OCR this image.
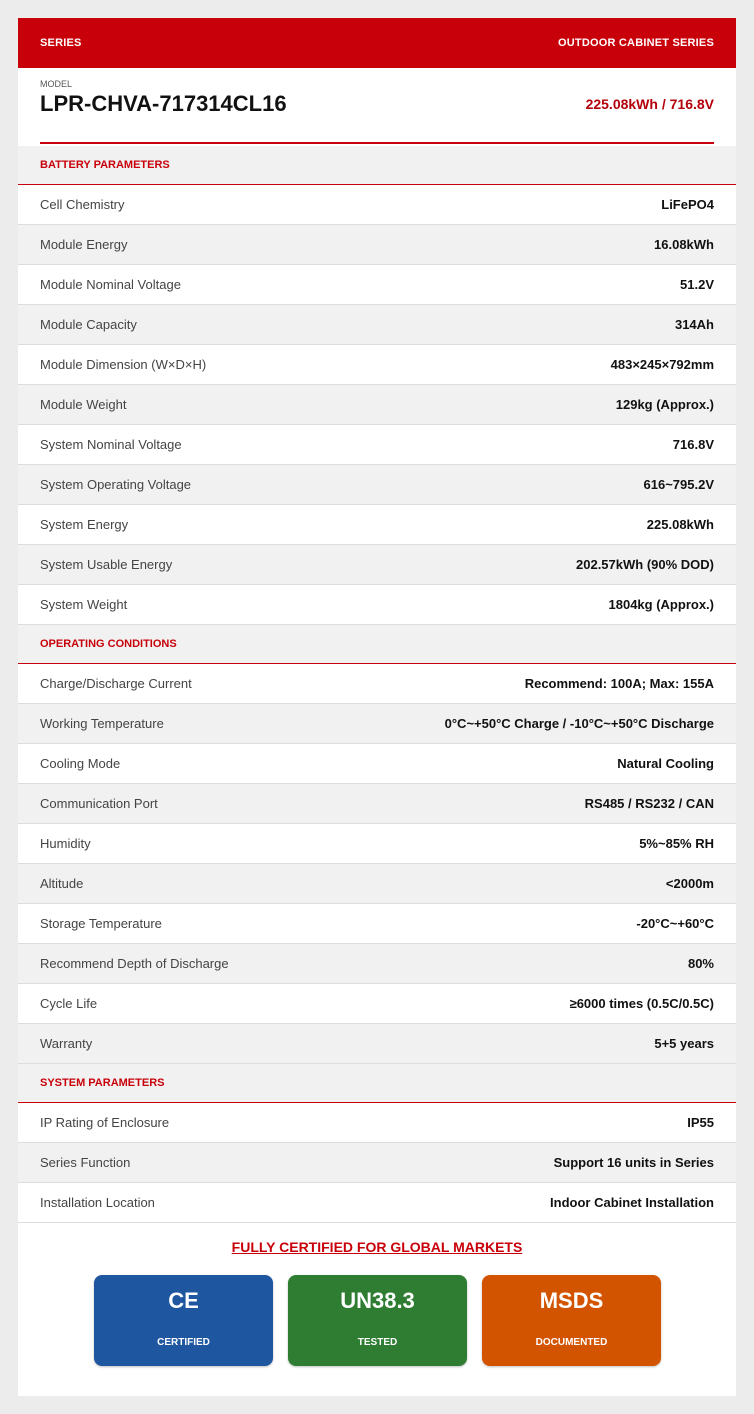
SERIES	OUTDOOR CABINET SERIES
MODEL
LPR-CHVA-717314CL16	225.08kWh / 716.8V
BATTERY PARAMETERS
Cell Chemistry	LiFePO4
Module Energy	16.08kWh
Module Nominal Voltage	51.2V
Module Capacity	314Ah
Module Dimension (W×D×H)	483×245×792mm
Module Weight	129kg (Approx.)
System Nominal Voltage	716.8V
System Operating Voltage	616~795.2V
System Energy	225.08kWh
System Usable Energy	202.57kWh (90% DOD)
System Weight	1804kg (Approx.)
OPERATING CONDITIONS
Charge/Discharge Current	Recommend: 100A; Max: 155A
Working Temperature	0°C~+50°C Charge / -10°C~+50°C Discharge
Cooling Mode	Natural Cooling
Communication Port	RS485 / RS232 / CAN
Humidity	5%~85% RH
Altitude	<2000m
Storage Temperature	-20°C~+60°C
Recommend Depth of Discharge	80%
Cycle Life	≥6000 times (0.5C/0.5C)
Warranty	5+5 years
SYSTEM PARAMETERS
IP Rating of Enclosure	IP55
Series Function	Support 16 units in Series
Installation Location	Indoor Cabinet Installation
FULLY CERTIFIED FOR GLOBAL MARKETS
CE
CERTIFIED
UN38.3
TESTED
MSDS
DOCUMENTED
